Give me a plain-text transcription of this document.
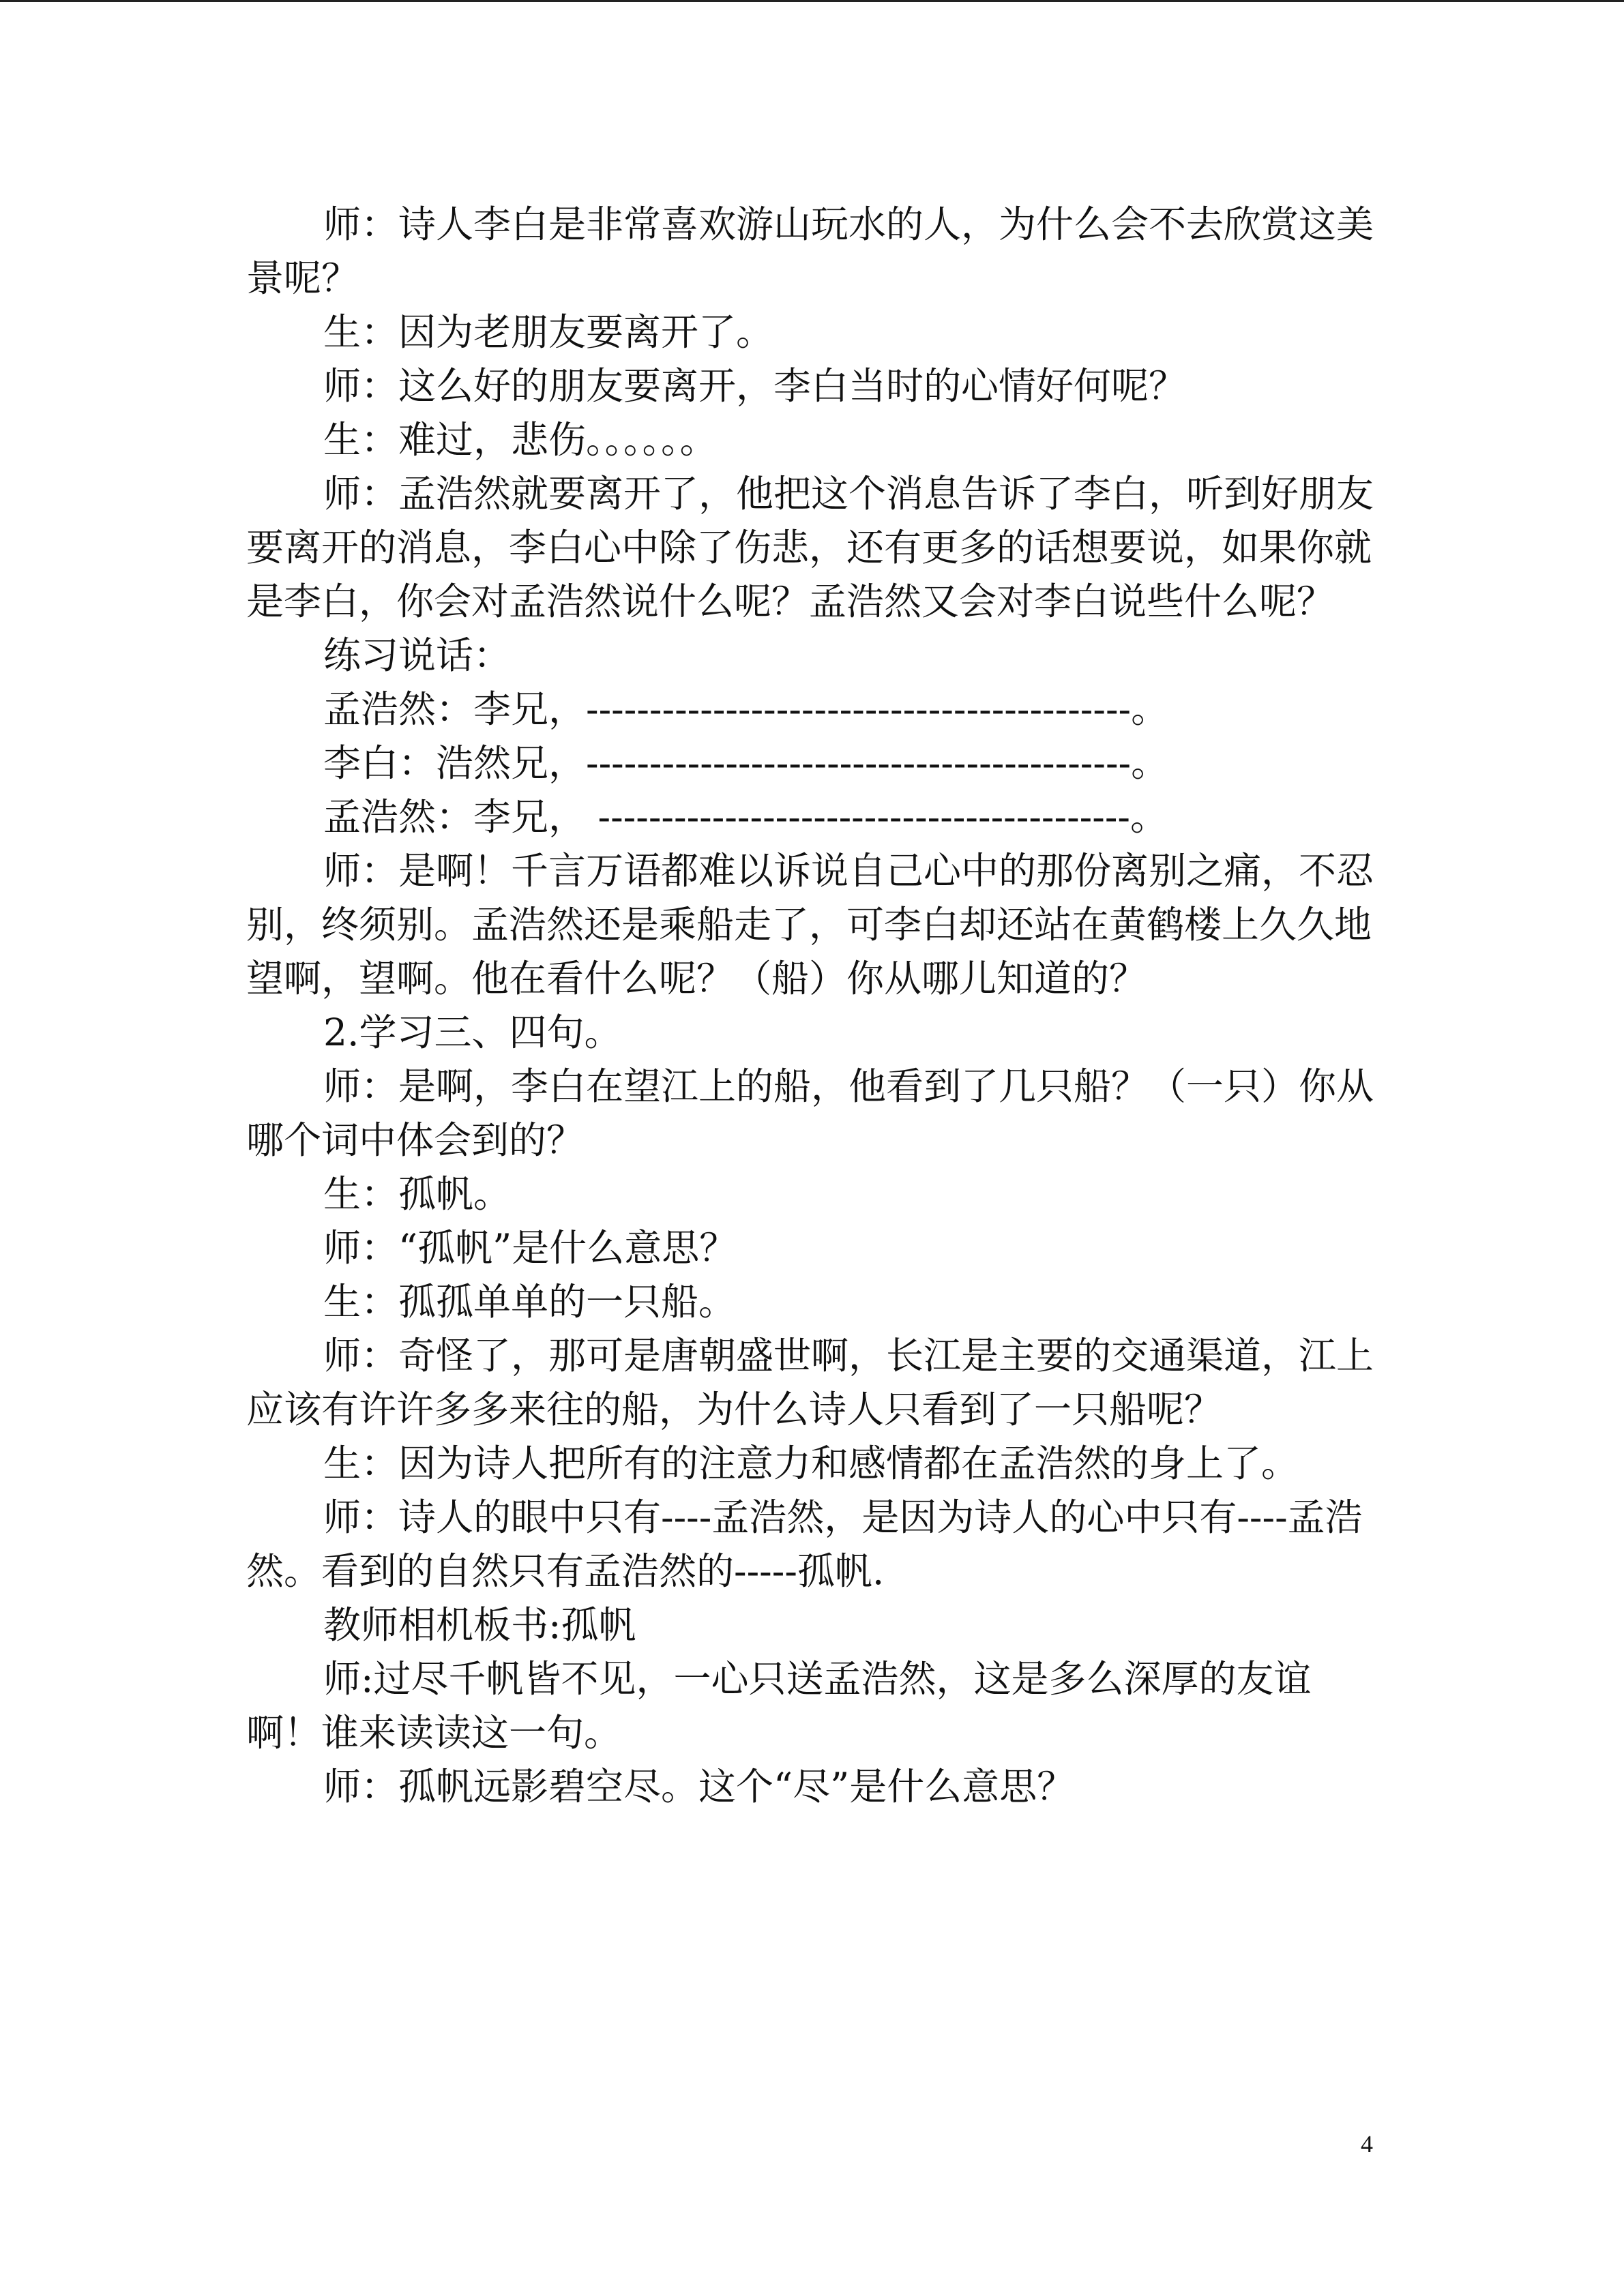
师：诗人李白是非常喜欢游山玩水的人，为什么会不去欣赏这美景呢？

生：因为老朋友要离开了。

师：这么好的朋友要离开，李白当时的心情好何呢？

生：难过，悲伤。。。。。。

师：孟浩然就要离开了，他把这个消息告诉了李白，听到好朋友要离开的消息，李白心中除了伤悲，还有更多的话想要说，如果你就是李白，你会对孟浩然说什么呢？孟浩然又会对李白说些什么呢？

练习说话：

孟浩然：李兄，-------------------------------------------。

李白：浩然兄，-------------------------------------------。

孟浩然：李兄， ------------------------------------------。

师：是啊！千言万语都难以诉说自己心中的那份离别之痛，不忍别，终须别。孟浩然还是乘船走了，可李白却还站在黄鹤楼上久久地望啊，望啊。他在看什么呢？（船）你从哪儿知道的？

2.学习三、四句。

师：是啊，李白在望江上的船，他看到了几只船？（一只）你从哪个词中体会到的？

生：孤帆。

师：“孤帆”是什么意思？

生：孤孤单单的一只船。

师：奇怪了，那可是唐朝盛世啊，长江是主要的交通渠道，江上应该有许许多多来往的船，为什么诗人只看到了一只船呢？

生：因为诗人把所有的注意力和感情都在孟浩然的身上了。

师：诗人的眼中只有----孟浩然，是因为诗人的心中只有----孟浩然。看到的自然只有孟浩然的-----孤帆.

教师相机板书:孤帆

师:过尽千帆皆不见，一心只送孟浩然，这是多么深厚的友谊啊！谁来读读这一句。

师：孤帆远影碧空尽。这个“尽”是什么意思？

4
